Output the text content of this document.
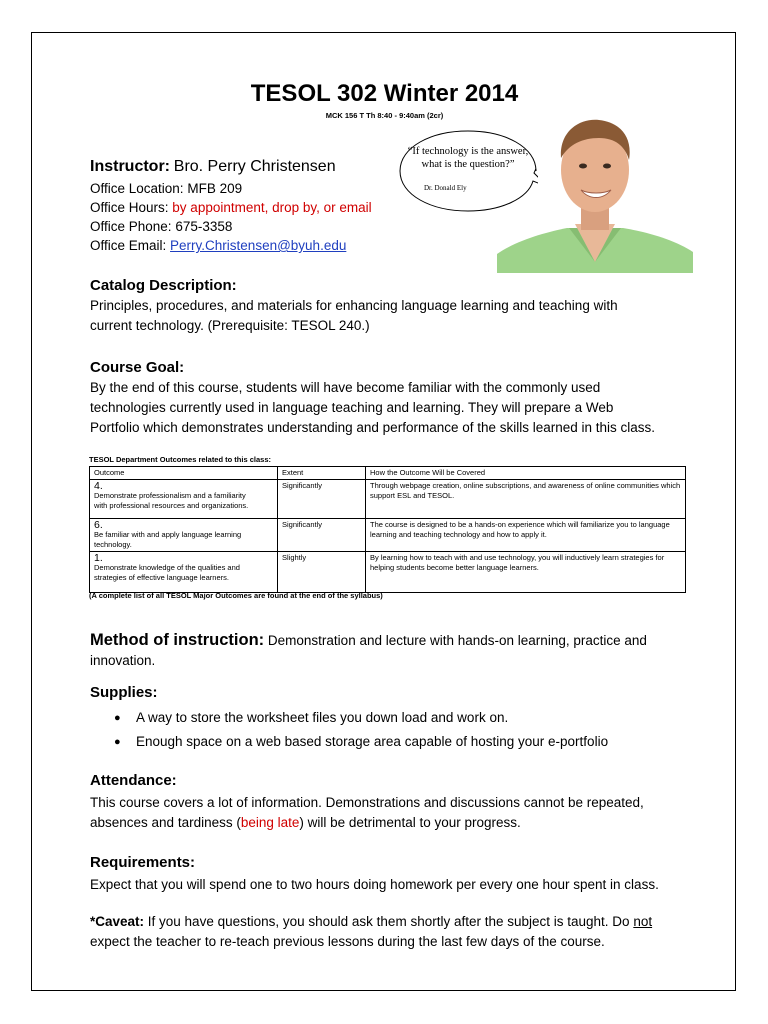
TESOL 302 Winter 2014
MCK 156 T Th 8:40 - 9:40am (2cr)
Instructor: Bro. Perry Christensen
Office Location: MFB 209
Office Hours: by appointment, drop by, or email
Office Phone: 675-3358
Office Email: Perry.Christensen@byuh.edu
“If technology is the answer, what is the question?”
Dr. Donald Ely
Catalog Description:
Principles, procedures, and materials for enhancing language learning and teaching with
current technology. (Prerequisite: TESOL 240.)
Course Goal:
By the end of this course, students will have become familiar with the commonly used
technologies currently used in language teaching and learning. They will prepare a Web
Portfolio which demonstrates understanding and performance of the skills learned in this class.
TESOL Department Outcomes related to this class:
Outcome	Extent	How the Outcome Will be Covered
4.Demonstrate professionalism and a familiarity with professional resources and organizations.	Significantly	Through webpage creation, online subscriptions, and awareness of online communities which support ESL and TESOL.
6.Be familiar with and apply language learning technology.	Significantly	The course is designed to be a hands-on experience which will familiarize you to language learning and teaching technology and how to apply it.
1.Demonstrate knowledge of the qualities and strategies of effective language learners.	Slightly	By learning how to teach with and use technology, you will inductively learn strategies for helping students become better language learners.
(A complete list of all TESOL Major Outcomes are found at the end of the syllabus)
Method of instruction: Demonstration and lecture with hands-on learning, practice and
innovation.
Supplies:
● A way to store the worksheet files you down load and work on.
● Enough space on a web based storage area capable of hosting your e-portfolio
Attendance:
This course covers a lot of information. Demonstrations and discussions cannot be repeated,
absences and tardiness (being late) will be detrimental to your progress.
Requirements:
Expect that you will spend one to two hours doing homework per every one hour spent in class.
*Caveat: If you have questions, you should ask them shortly after the subject is taught. Do not
expect the teacher to re-teach previous lessons during the last few days of the course.
